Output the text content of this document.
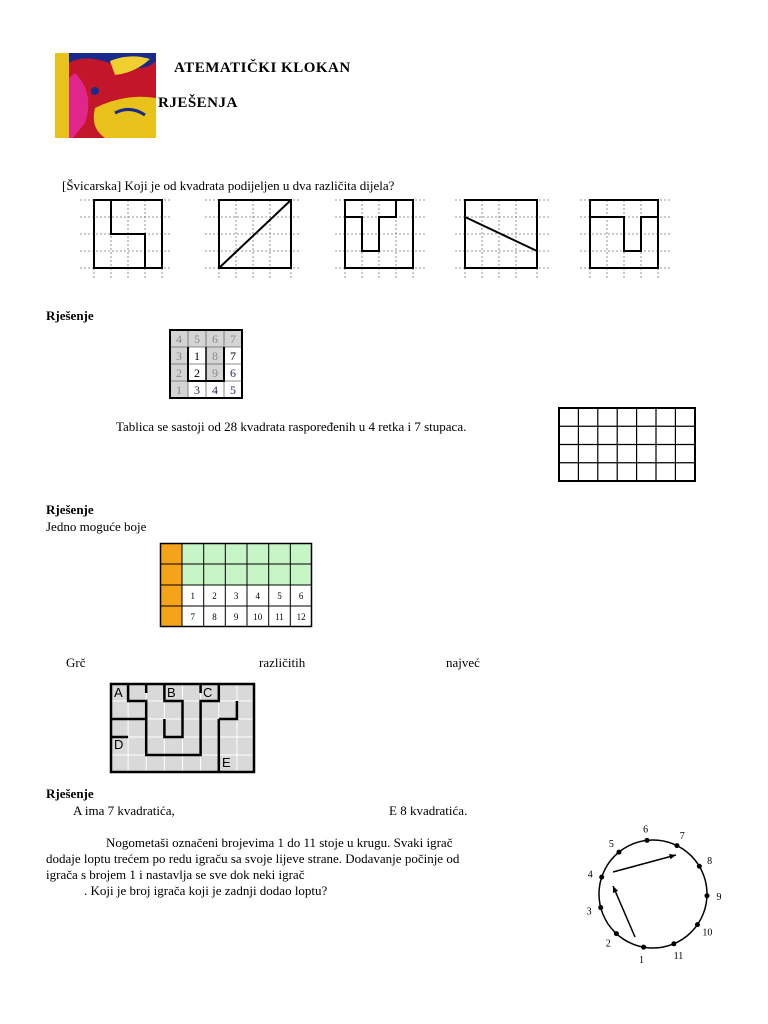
ATEMATIČKI KLOKAN
RJEŠENJA
[Švicarska] Koji je od kvadrata podijeljen u dva različita dijela?
Rješenje
4 5 6 7
3 1 8 7
2 2 9 6
1 3 4 5
Tablica se sastoji od 28 kvadrata raspoređenih u 4 retka i 7 stupaca.
Rješenje
Jedno moguće boje
1 2 3 4 5 6
7 8 9 10 11 12
Grč	različitih	najveć
A	B C
D
E
Rješenje
A ima 7 kvadratića,	E 8 kvadratića.
Nogometaši označeni brojevima 1 do 11 stoje u krugu. Svaki igrač
dodaje loptu trećem po redu igraču sa svoje lijeve strane. Dodavanje počinje od
igrača s brojem 1 i nastavlja se sve dok neki igrač
. Koji je broj igrača koji je zadnji dodao loptu?
1
2
3
4
5
6
7
8
9
10
11
